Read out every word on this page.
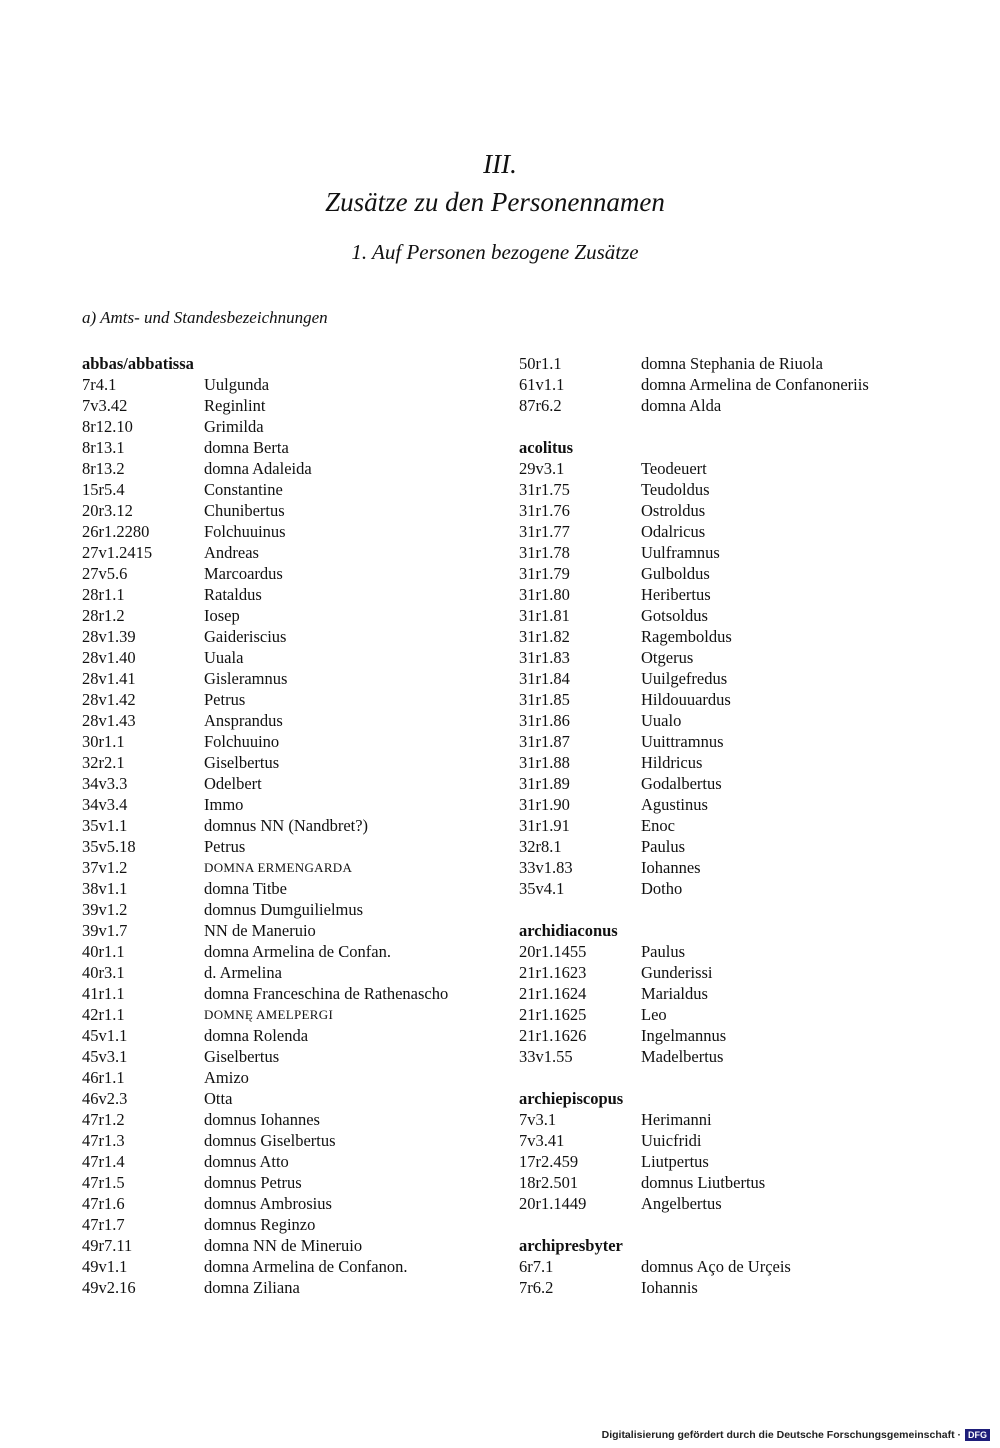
III.
Zusätze zu den Personennamen
1. Auf Personen bezogene Zusätze
a) Amts- und Standesbezeichnungen
abbas/abbatissa
7r4.1	Uulgunda
7v3.42	Reginlint
8r12.10	Grimilda
8r13.1	domna Berta
8r13.2	domna Adaleida
15r5.4	Constantine
20r3.12	Chunibertus
26r1.2280	Folchuuinus
27v1.2415	Andreas
27v5.6	Marcoardus
28r1.1	Rataldus
28r1.2	Iosep
28v1.39	Gaideriscius
28v1.40	Uuala
28v1.41	Gisleramnus
28v1.42	Petrus
28v1.43	Ansprandus
30r1.1	Folchuuino
32r2.1	Giselbertus
34v3.3	Odelbert
34v3.4	Immo
35v1.1	domnus NN (Nandbret?)
35v5.18	Petrus
37v1.2	DOMNA ERMENGARDA
38v1.1	domna Titbe
39v1.2	domnus Dumguilielmus
39v1.7	NN de Maneruio
40r1.1	domna Armelina de Confan.
40r3.1	d. Armelina
41r1.1	domna Franceschina de Rathenascho
42r1.1	DOMNĘ AMELPERGI
45v1.1	domna Rolenda
45v3.1	Giselbertus
46r1.1	Amizo
46v2.3	Otta
47r1.2	domnus Iohannes
47r1.3	domnus Giselbertus
47r1.4	domnus Atto
47r1.5	domnus Petrus
47r1.6	domnus Ambrosius
47r1.7	domnus Reginzo
49r7.11	domna NN de Mineruio
49v1.1	domna Armelina de Confanon.
49v2.16	domna Ziliana
50r1.1	domna Stephania de Riuola
61v1.1	domna Armelina de Confanoneriis
87r6.2	domna Alda
acolitus
29v3.1	Teodeuert
31r1.75	Teudoldus
31r1.76	Ostroldus
31r1.77	Odalricus
31r1.78	Uulframnus
31r1.79	Gulboldus
31r1.80	Heribertus
31r1.81	Gotsoldus
31r1.82	Ragemboldus
31r1.83	Otgerus
31r1.84	Uuilgefredus
31r1.85	Hildouuardus
31r1.86	Uualo
31r1.87	Uuittramnus
31r1.88	Hildricus
31r1.89	Godalbertus
31r1.90	Agustinus
31r1.91	Enoc
32r8.1	Paulus
33v1.83	Iohannes
35v4.1	Dotho
archidiaconus
20r1.1455	Paulus
21r1.1623	Gunderissi
21r1.1624	Marialdus
21r1.1625	Leo
21r1.1626	Ingelmannus
33v1.55	Madelbertus
archiepiscopus
7v3.1	Herimanni
7v3.41	Uuicfridi
17r2.459	Liutpertus
18r2.501	domnus Liutbertus
20r1.1449	Angelbertus
archipresbyter
6r7.1	domnus Aço de Urçeis
7r6.2	Iohannis
Digitalisierung gefördert durch die Deutsche Forschungsgemeinschaft · DFG
